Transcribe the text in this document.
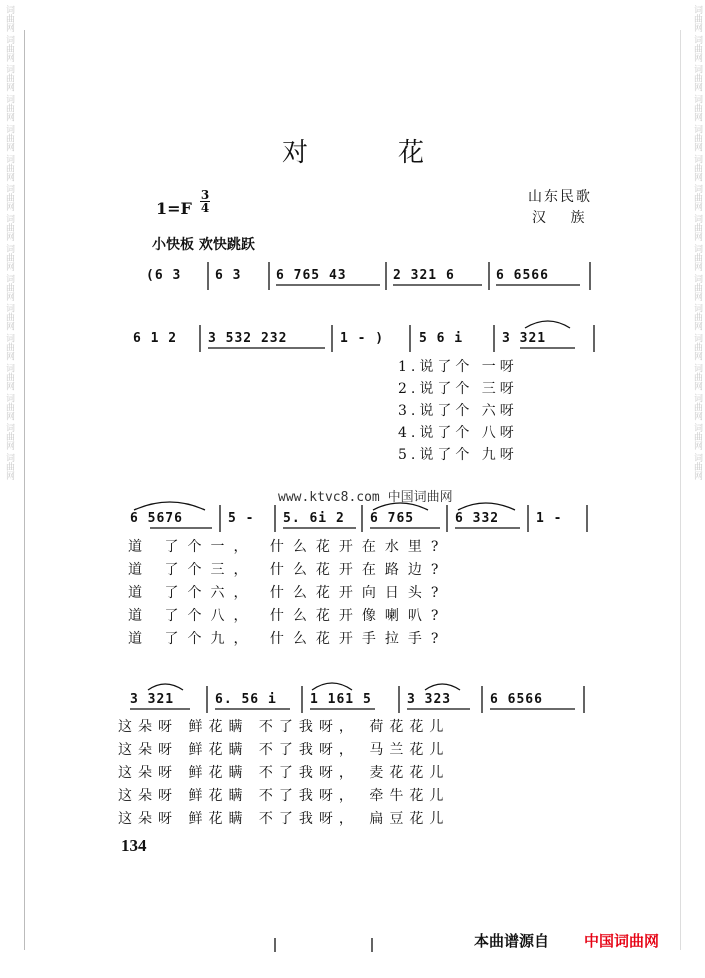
词曲网 词曲网 词曲网 词曲网 词曲网 词曲网 词曲网 词曲网 词曲网 词曲网 词曲网 词曲网 词曲网 词曲网 词曲网 词曲网
词曲网 词曲网 词曲网 词曲网 词曲网 词曲网 词曲网 词曲网 词曲网 词曲网 词曲网 词曲网 词曲网 词曲网 词曲网 词曲网
对花
山东民歌
汉 族
1=F
3
4
小快板 欢快跳跃
(6 3	6 3	6 765 43	2 321 6	6 6566
6 1 2 3 532 232	1 - )	5 6 i	3 321
1.说了个 一呀
2.说了个 三呀
3.说了个 六呀
4.说了个 八呀
5.说了个 九呀
www.ktvc8.com 中国词曲网
6 5676	5 - 5. 6i 2 6 765	6 332	1 -
道 了个一， 什么花开在水里?
道 了个三， 什么花开在路边?
道 了个六， 什么花开向日头?
道 了个八， 什么花开像喇叭?
道 了个九， 什么花开手拉手?
3 321	6. 56 i	1 161 5	3 323	6 6566
这朵呀 鲜花瞒 不了我呀， 荷花花儿
这朵呀 鲜花瞒 不了我呀， 马兰花儿
这朵呀 鲜花瞒 不了我呀， 麦花花儿
这朵呀 鲜花瞒 不了我呀， 牵牛花儿
这朵呀 鲜花瞒 不了我呀， 扁豆花儿
134
本曲谱源自 中国词曲网
